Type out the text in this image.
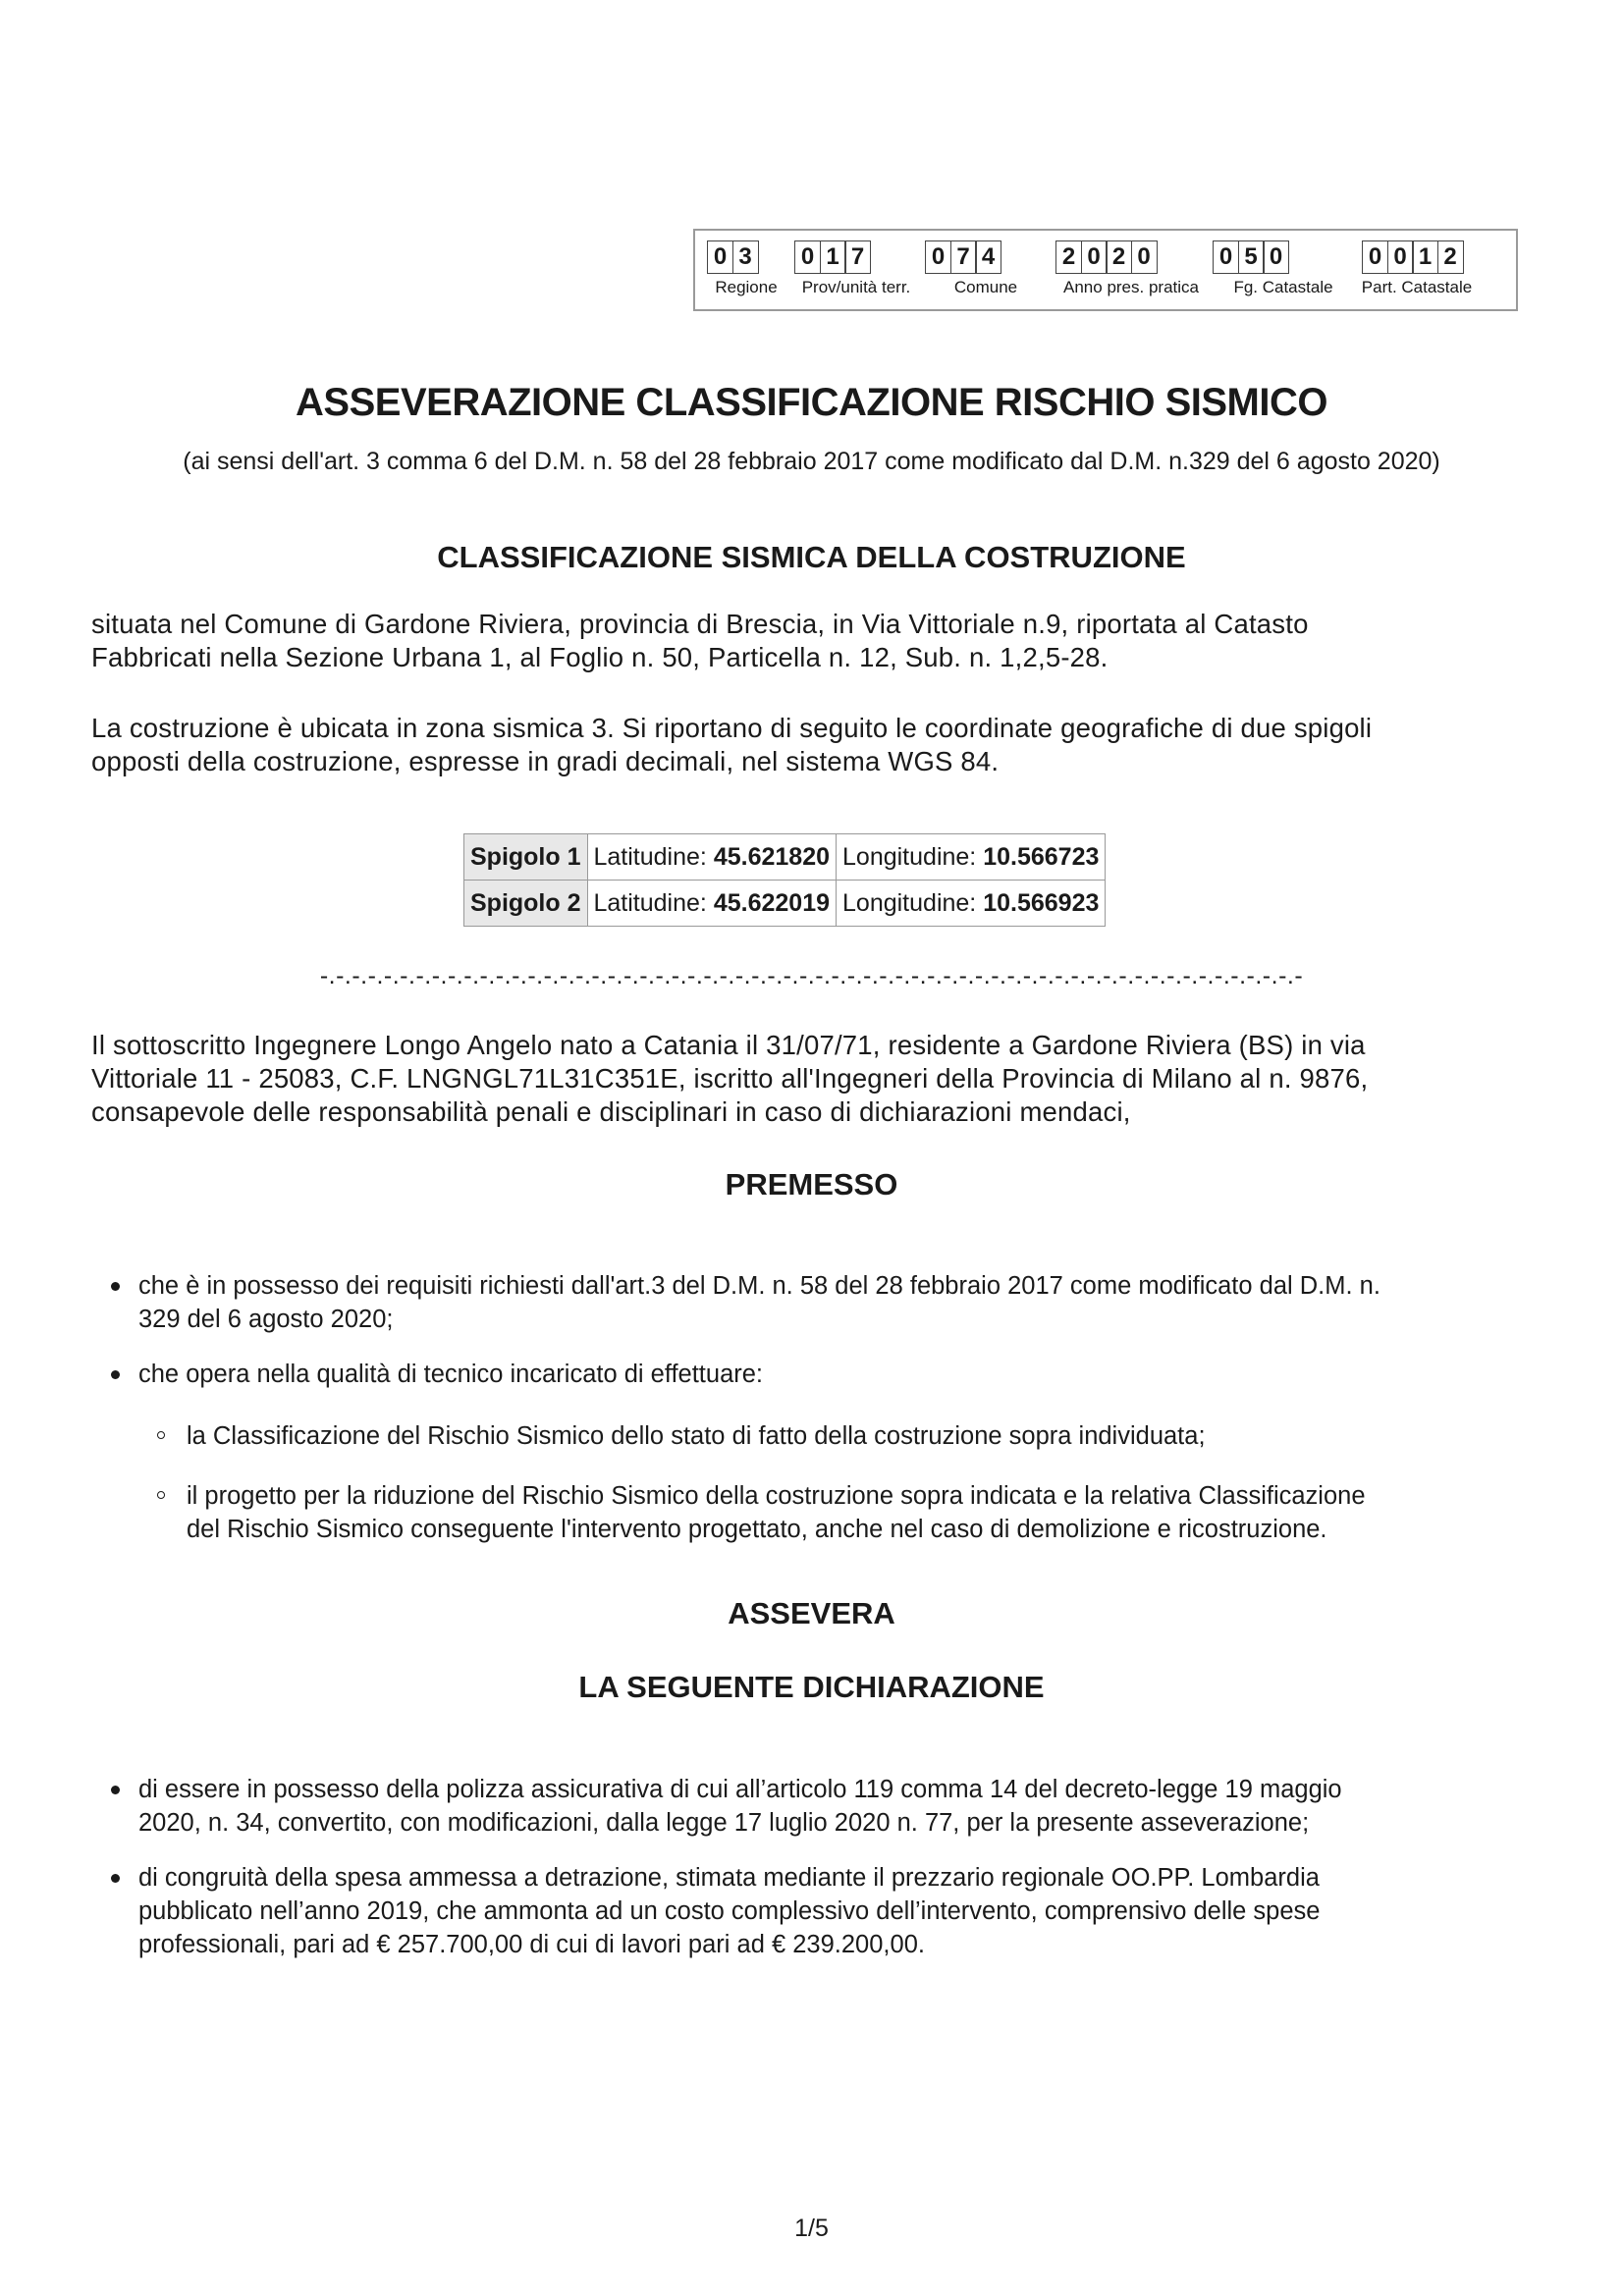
0 3
Regione
0 1 7
Prov/unità terr.
0 7 4
Comune
2 0 2 0
Anno pres. pratica
0 5 0
Fg. Catastale
0 0 1 2
Part. Catastale
ASSEVERAZIONE CLASSIFICAZIONE RISCHIO SISMICO
(ai sensi dell'art. 3 comma 6 del D.M. n. 58 del 28 febbraio 2017 come modificato dal D.M. n.329 del 6 agosto 2020)
CLASSIFICAZIONE SISMICA DELLA COSTRUZIONE
situata nel Comune di Gardone Riviera, provincia di Brescia, in Via Vittoriale n.9, riportata al Catasto
Fabbricati nella Sezione Urbana 1, al Foglio n. 50, Particella n. 12, Sub. n. 1,2,5-28.
La costruzione è ubicata in zona sismica 3. Si riportano di seguito le coordinate geografiche di due spigoli
opposti della costruzione, espresse in gradi decimali, nel sistema WGS 84.
Spigolo 1	Latitudine: 45.621820	Longitudine: 10.566723
Spigolo 2	Latitudine: 45.622019	Longitudine: 10.566923
-.-.-.-.-.-.-.-.-.-.-.-.-.-.-.-.-.-.-.-.-.-.-.-.-.-.-.-.-.-.-.-.-.-.-.-.-.-.-.-.-.-.-.-.-.-.-.-.-.-.-.-.-.-.-.-.-.-.-.-.-.-
Il sottoscritto Ingegnere Longo Angelo nato a Catania il 31/07/71, residente a Gardone Riviera (BS) in via
Vittoriale 11 - 25083, C.F. LNGNGL71L31C351E, iscritto all'Ingegneri della Provincia di Milano al n. 9876,
consapevole delle responsabilità penali e disciplinari in caso di dichiarazioni mendaci,
PREMESSO
che è in possesso dei requisiti richiesti dall'art.3 del D.M. n. 58 del 28 febbraio 2017 come modificato dal D.M. n.
329 del 6 agosto 2020;
che opera nella qualità di tecnico incaricato di effettuare:
la Classificazione del Rischio Sismico dello stato di fatto della costruzione sopra individuata;
il progetto per la riduzione del Rischio Sismico della costruzione sopra indicata e la relativa Classificazione
del Rischio Sismico conseguente l'intervento progettato, anche nel caso di demolizione e ricostruzione.
ASSEVERA
LA SEGUENTE DICHIARAZIONE
di essere in possesso della polizza assicurativa di cui all’articolo 119 comma 14 del decreto-legge 19 maggio
2020, n. 34, convertito, con modificazioni, dalla legge 17 luglio 2020 n. 77, per la presente asseverazione;
di congruità della spesa ammessa a detrazione, stimata mediante il prezzario regionale OO.PP. Lombardia
pubblicato nell’anno 2019, che ammonta ad un costo complessivo dell’intervento, comprensivo delle spese
professionali, pari ad € 257.700,00 di cui di lavori pari ad € 239.200,00.
1/5
